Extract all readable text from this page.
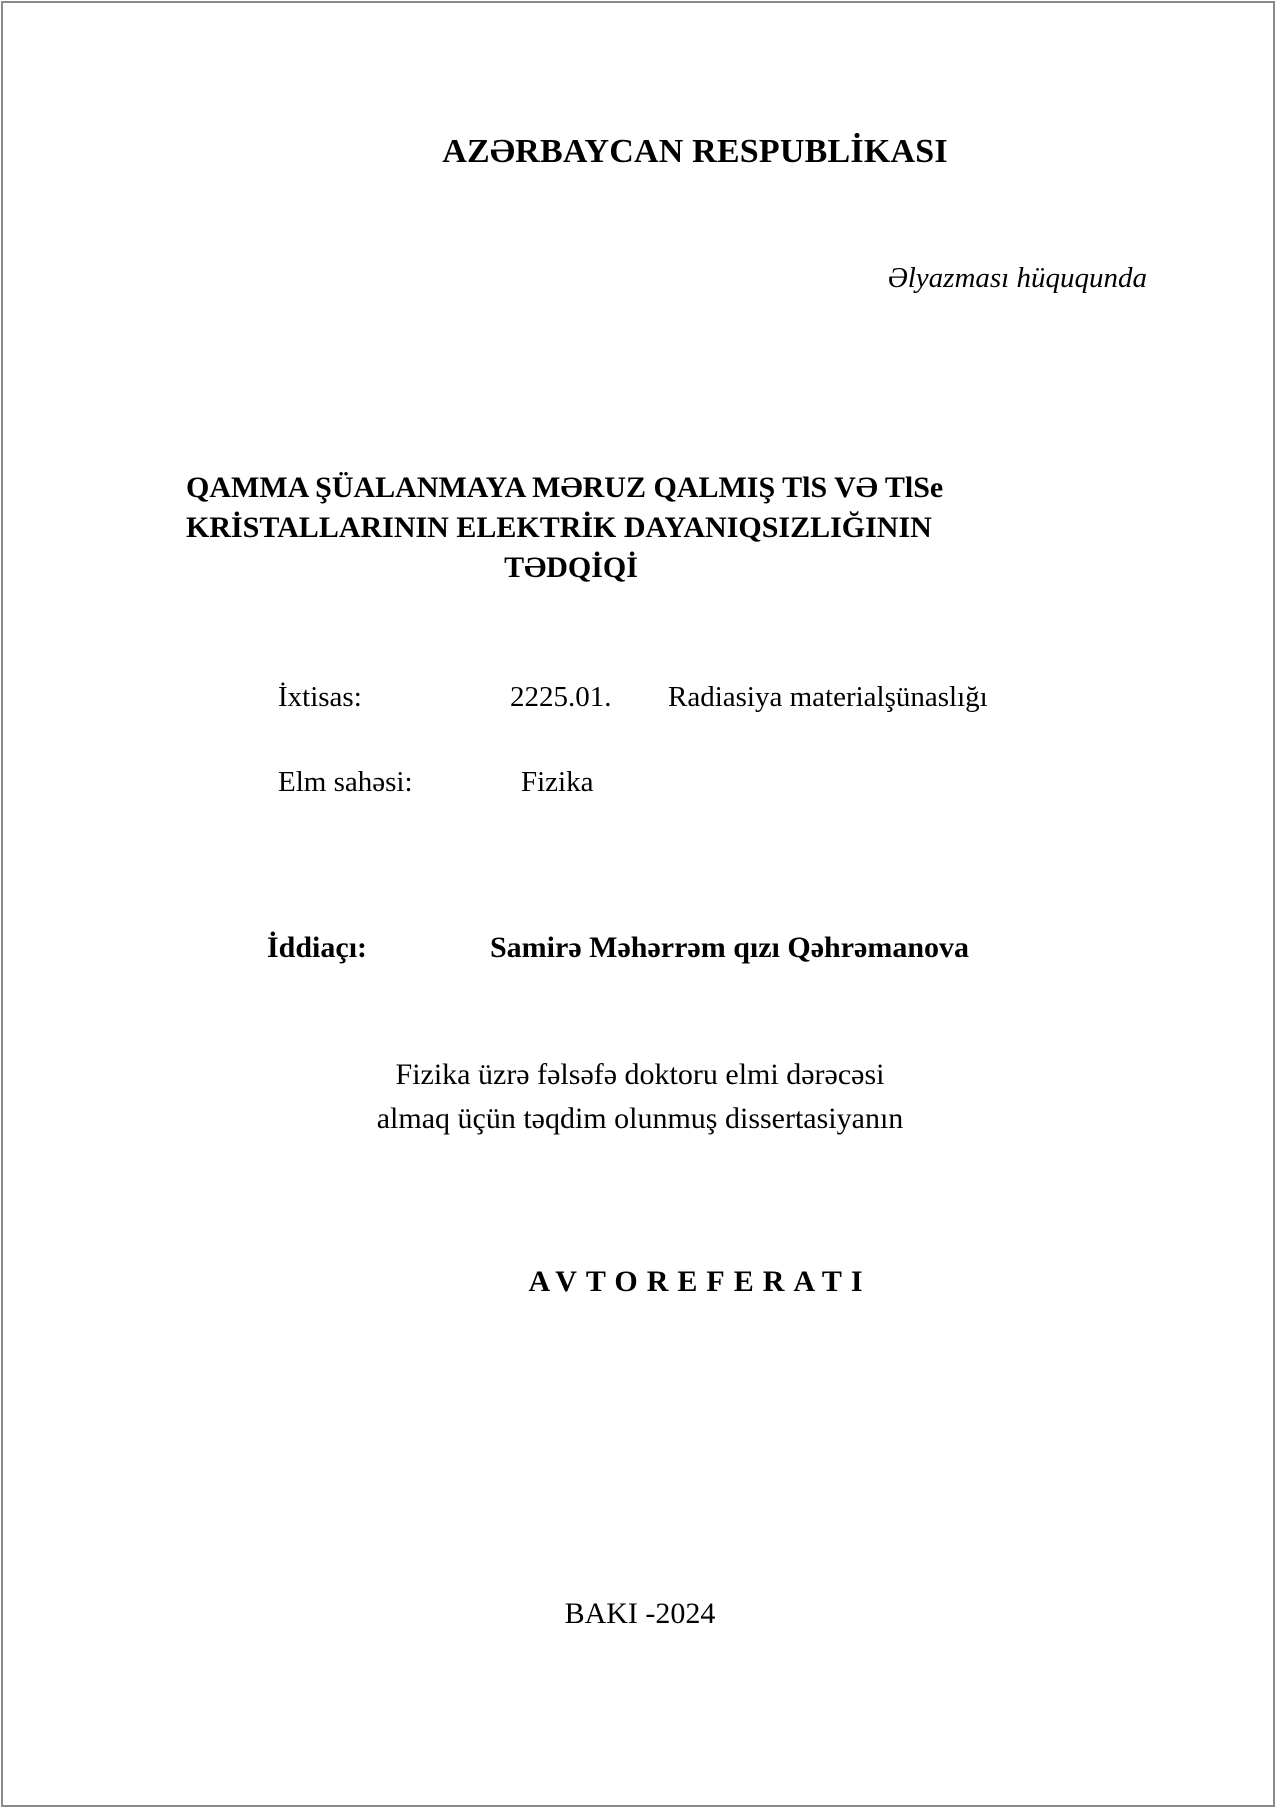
AZƏRBAYCAN RESPUBLİKASI
Əlyazması hüququnda
QAMMA ŞÜALANMAYA MƏRUZ QALMIŞ TlS VƏ TlSe
KRİSTALLARININ ELEKTRİK DAYANIQSIZLIĞININ
TƏDQİQİ
İxtisas:	2225.01. Radiasiya materialşünaslığı
Elm sahəsi:	Fizika
İddiaçı:	Samirə Məhərrəm qızı Qəhrəmanova
Fizika üzrə fəlsəfə doktoru elmi dərəcəsi
almaq üçün təqdim olunmuş dissertasiyanın
AVTOREFERATI
BAKI -2024
